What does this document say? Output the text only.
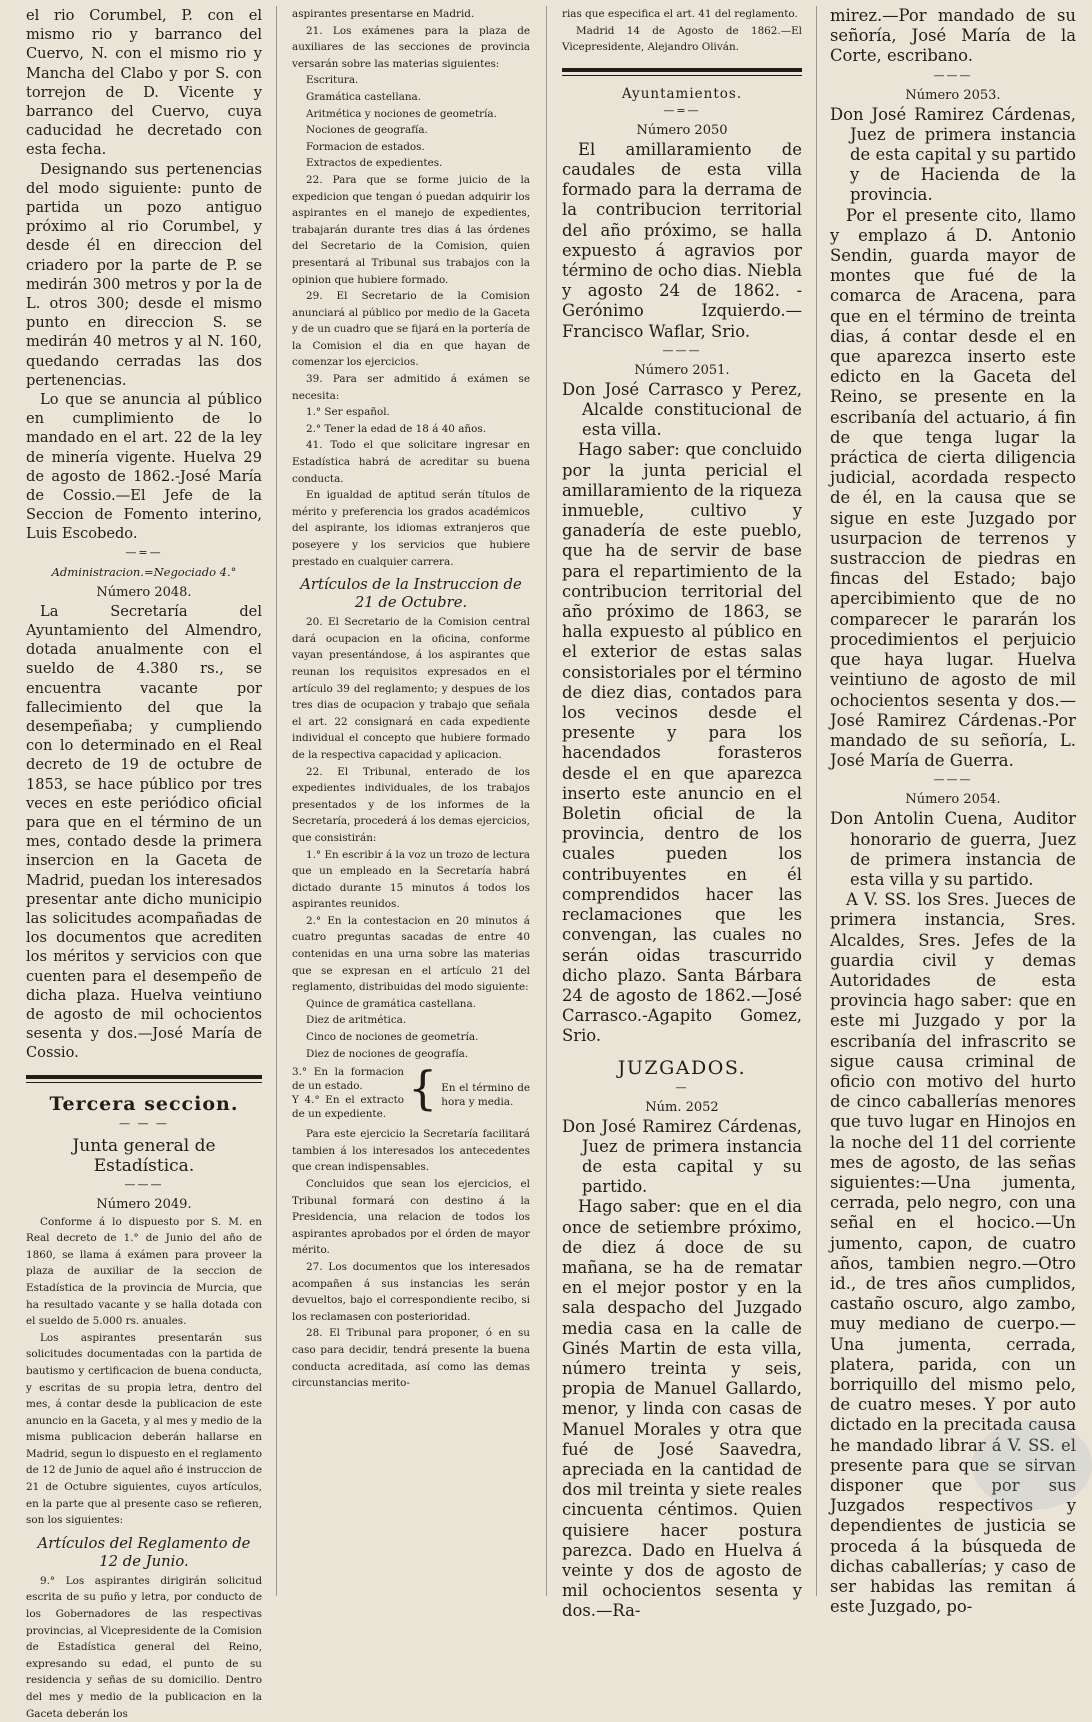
el rio Corumbel, P. con el mismo rio y barranco del Cuervo, N. con el mismo rio y Mancha del Clabo y por S. con torrejon de D. Vicente y barranco del Cuervo, cuya caducidad he decretado con esta fecha.

Designando sus pertenencias del modo siguiente: punto de partida un pozo antiguo próximo al rio Corumbel, y desde él en direccion del criadero por la parte de P. se medirán 300 metros y por la de L. otros 300; desde el mismo punto en direccion S. se medirán 40 metros y al N. 160, quedando cerradas las dos pertenencias.

Lo que se anuncia al público en cumplimiento de lo mandado en el art. 22 de la ley de minería vigente. Huelva 29 de agosto de 1862.-José María de Cossio.—El Jefe de la Seccion de Fomento interino, Luis Escobedo.

—=—
Administracion.=Negociado 4.°
Número 2048.

La Secretaría del Ayuntamiento del Almendro, dotada anualmente con el sueldo de 4.380 rs., se encuentra vacante por fallecimiento del que la desempeñaba; y cumpliendo con lo determinado en el Real decreto de 19 de octubre de 1853, se hace público por tres veces en este periódico oficial para que en el término de un mes, contado desde la primera insercion en la Gaceta de Madrid, puedan los interesados presentar ante dicho municipio las solicitudes acompañadas de los documentos que acrediten los méritos y servicios con que cuenten para el desempeño de dicha plaza. Huelva veintiuno de agosto de mil ochocientos sesenta y dos.—José María de Cossio.

Tercera seccion.
— — —
Junta general de Estadística.
———
Número 2049.

Conforme á lo dispuesto por S. M. en Real decreto de 1.° de Junio del año de 1860, se llama á exámen para proveer la plaza de auxiliar de la seccion de Estadística de la provincia de Murcia, que ha resultado vacante y se halla dotada con el sueldo de 5.000 rs. anuales.

Los aspirantes presentarán sus solicitudes documentadas con la partida de bautismo y certificacion de buena conducta, y escritas de su propia letra, dentro del mes, á contar desde la publicacion de este anuncio en la Gaceta, y al mes y medio de la misma publicacion deberán hallarse en Madrid, segun lo dispuesto en el reglamento de 12 de Junio de aquel año é instruccion de 21 de Octubre siguientes, cuyos artículos, en la parte que al presente caso se refieren, son los siguientes:

Artículos del Reglamento de 12 de Junio.

9.° Los aspirantes dirigirán solicitud escrita de su puño y letra, por conducto de los Gobernadores de las respectivas provincias, al Vicepresidente de la Comision de Estadística general del Reino, expresando su edad, el punto de su residencia y señas de su domicilio. Dentro del mes y medio de la publicacion en la Gaceta deberán los

aspirantes presentarse en Madrid.

21. Los exámenes para la plaza de auxiliares de las secciones de provincia versarán sobre las materias siguientes:

Escritura.
Gramática castellana.
Aritmética y nociones de geometría.
Nociones de geografía.
Formacion de estados.
Extractos de expedientes.

22. Para que se forme juicio de la expedicion que tengan ó puedan adquirir los aspirantes en el manejo de expedientes, trabajarán durante tres dias á las órdenes del Secretario de la Comision, quien presentará al Tribunal sus trabajos con la opinion que hubiere formado.

29. El Secretario de la Comision anunciará al público por medio de la Gaceta y de un cuadro que se fijará en la portería de la Comision el dia en que hayan de comenzar los ejercicios.

39. Para ser admitido á exámen se necesita:

1.° Ser español.

2.° Tener la edad de 18 á 40 años.

41. Todo el que solicitare ingresar en Estadística habrá de acreditar su buena conducta.

En igualdad de aptitud serán títulos de mérito y preferencia los grados académicos del aspirante, los idiomas extranjeros que poseyere y los servicios que hubiere prestado en cualquier carrera.

Artículos de la Instruccion de 21 de Octubre.

20. El Secretario de la Comision central dará ocupacion en la oficina, conforme vayan presentándose, á los aspirantes que reunan los requisitos expresados en el artículo 39 del reglamento; y despues de los tres dias de ocupacion y trabajo que señala el art. 22 consignará en cada expediente individual el concepto que hubiere formado de la respectiva capacidad y aplicacion.

22. El Tribunal, enterado de los expedientes individuales, de los trabajos presentados y de los informes de la Secretaría, procederá á los demas ejercicios, que consistirán:

1.° En escribir á la voz un trozo de lectura que un empleado en la Secretaría habrá dictado durante 15 minutos á todos los aspirantes reunidos.

2.° En la contestacion en 20 minutos á cuatro preguntas sacadas de entre 40 contenidas en una urna sobre las materias que se expresan en el artículo 21 del reglamento, distribuidas del modo siguiente:

Quince de gramática castellana.
Diez de aritmética.
Cinco de nociones de geometría.
Diez de nociones de geografía.
3.° En la formacion de un estado.
Y 4.° En el extracto de un expediente. { En el término de hora y media.

Para este ejercicio la Secretaría facilitará tambien á los interesados los antecedentes que crean indispensables.

Concluidos que sean los ejercicios, el Tribunal formará con destino á la Presidencia, una relacion de todos los aspirantes aprobados por el órden de mayor mérito.

27. Los documentos que los interesados acompañen á sus instancias les serán devueltos, bajo el correspondiente recibo, si los reclamasen con posterioridad.

28. El Tribunal para proponer, ó en su caso para decidir, tendrá presente la buena conducta acreditada, así como las demas circunstancias merito-

rias que especifica el art. 41 del reglamento.

Madrid 14 de Agosto de 1862.—El Vicepresidente, Alejandro Oliván.

Ayuntamientos.
—=—
Número 2050

El amillaramiento de caudales de esta villa formado para la derrama de la contribucion territorial del año próximo, se halla expuesto á agravios por término de ocho dias. Niebla y agosto 24 de 1862. -Gerónimo Izquierdo.—Francisco Waflar, Srio.

———
Número 2051.

Don José Carrasco y Perez, Alcalde constitucional de esta villa.

Hago saber: que concluido por la junta pericial el amillaramiento de la riqueza inmueble, cultivo y ganadería de este pueblo, que ha de servir de base para el repartimiento de la contribucion territorial del año próximo de 1863, se halla expuesto al público en el exterior de estas salas consistoriales por el término de diez dias, contados para los vecinos desde el presente y para los hacendados forasteros desde el en que aparezca inserto este anuncio en el Boletin oficial de la provincia, dentro de los cuales pueden los contribuyentes en él comprendidos hacer las reclamaciones que les convengan, las cuales no serán oidas trascurrido dicho plazo. Santa Bárbara 24 de agosto de 1862.—José Carrasco.-Agapito Gomez, Srio.

JUZGADOS.
—
Núm. 2052

Don José Ramirez Cárdenas, Juez de primera instancia de esta capital y su partido.

Hago saber: que en el dia once de setiembre próximo, de diez á doce de su mañana, se ha de rematar en el mejor postor y en la sala despacho del Juzgado media casa en la calle de Ginés Martin de esta villa, número treinta y seis, propia de Manuel Gallardo, menor, y linda con casas de Manuel Morales y otra que fué de José Saavedra, apreciada en la cantidad de dos mil treinta y siete reales cincuenta céntimos. Quien quisiere hacer postura parezca. Dado en Huelva á veinte y dos de agosto de mil ochocientos sesenta y dos.—Ra-

mirez.—Por mandado de su señoría, José María de la Corte, escribano.

———
Número 2053.

Don José Ramirez Cárdenas, Juez de primera instancia de esta capital y su partido y de Hacienda de la provincia.

Por el presente cito, llamo y emplazo á D. Antonio Sendin, guarda mayor de montes que fué de la comarca de Aracena, para que en el término de treinta dias, á contar desde el en que aparezca inserto este edicto en la Gaceta del Reino, se presente en la escribanía del actuario, á fin de que tenga lugar la práctica de cierta diligencia judicial, acordada respecto de él, en la causa que se sigue en este Juzgado por usurpacion de terrenos y sustraccion de piedras en fincas del Estado; bajo apercibimiento que de no comparecer le pararán los procedimientos el perjuicio que haya lugar. Huelva veintiuno de agosto de mil ochocientos sesenta y dos.—José Ramirez Cárdenas.-Por mandado de su señoría, L. José María de Guerra.

———
Número 2054.

Don Antolin Cuena, Auditor honorario de guerra, Juez de primera instancia de esta villa y su partido.

A V. SS. los Sres. Jueces de primera instancia, Sres. Alcaldes, Sres. Jefes de la guardia civil y demas Autoridades de esta provincia hago saber: que en este mi Juzgado y por la escribanía del infrascrito se sigue causa criminal de oficio con motivo del hurto de cinco caballerías menores que tuvo lugar en Hinojos en la noche del 11 del corriente mes de agosto, de las señas siguientes:—Una jumenta, cerrada, pelo negro, con una señal en el hocico.—Un jumento, capon, de cuatro años, tambien negro.—Otro id., de tres años cumplidos, castaño oscuro, algo zambo, muy mediano de cuerpo.—Una jumenta, cerrada, platera, parida, con un borriquillo del mismo pelo, de cuatro meses. Y por auto dictado en la precitada causa he mandado librar á V. SS. el presente para que se sirvan disponer que por sus Juzgados respectivos y dependientes de justicia se proceda á la búsqueda de dichas caballerías; y caso de ser habidas las remitan á este Juzgado, po-
